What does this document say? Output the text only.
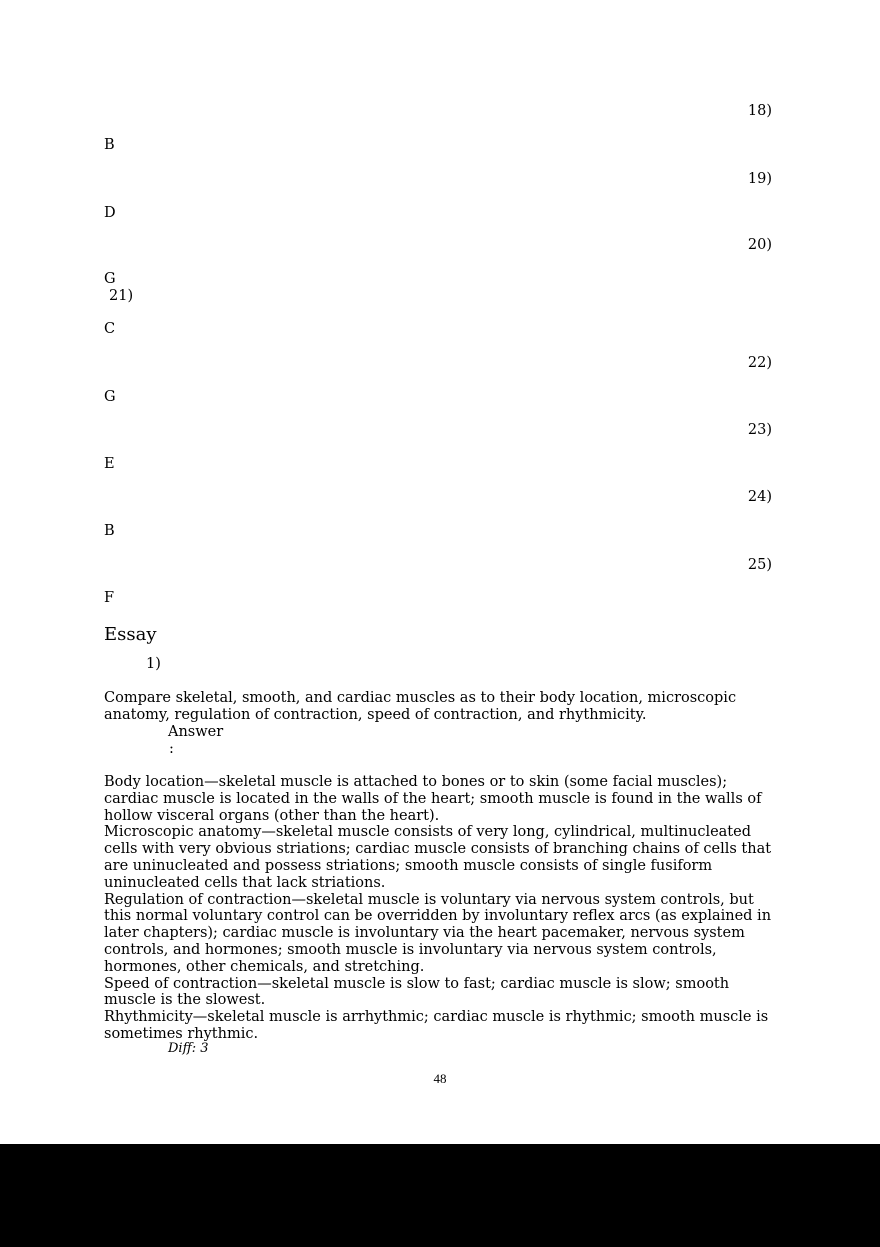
18)
B
19)
D
20)
G
21)
C
22)
G
23)
E
24)
B
25)
F
Essay
1)
Compare skeletal, smooth, and cardiac muscles as to their body location, microscopic anatomy, regulation of contraction, speed of contraction, and rhythmicity.
Answer
:

Body location—skeletal muscle is attached to bones or to skin (some facial muscles); cardiac muscle is located in the walls of the heart; smooth muscle is found in the walls of hollow visceral organs (other than the heart).

Microscopic anatomy—skeletal muscle consists of very long, cylindrical, multinucleated cells with very obvious striations; cardiac muscle consists of branching chains of cells that are uninucleated and possess striations; smooth muscle consists of single fusiform uninucleated cells that lack striations.

Regulation of contraction—skeletal muscle is voluntary via nervous system controls, but this normal voluntary control can be overridden by involuntary reflex arcs (as explained in later chapters); cardiac muscle is involuntary via the heart pacemaker, nervous system controls, and hormones; smooth muscle is involuntary via nervous system controls, hormones, other chemicals, and stretching.

Speed of contraction—skeletal muscle is slow to fast; cardiac muscle is slow; smooth muscle is the slowest.

Rhythmicity—skeletal muscle is arrhythmic; cardiac muscle is rhythmic; smooth muscle is sometimes rhythmic.

Diff: 3
48
